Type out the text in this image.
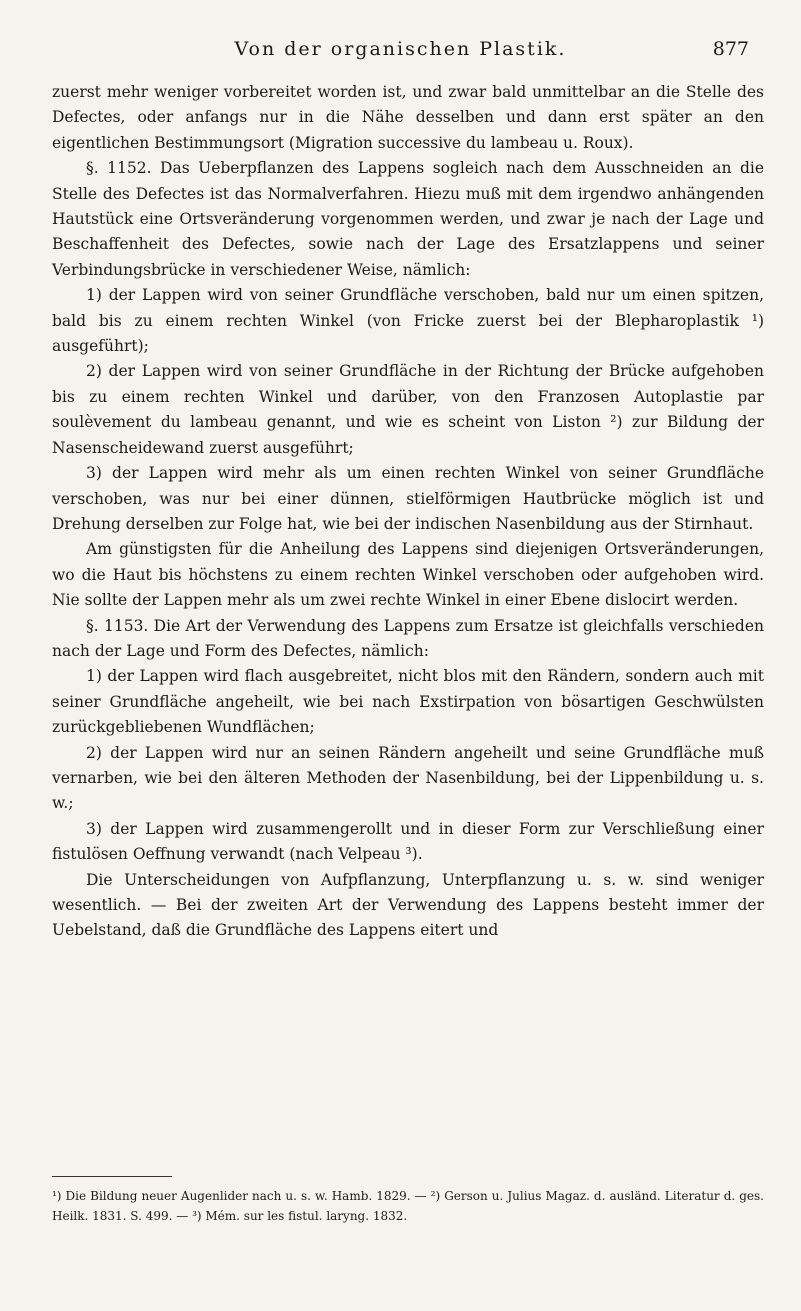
Von der organischen Plastik.	877

zuerst mehr weniger vorbereitet worden ist, und zwar bald unmittelbar an die Stelle des Defectes, oder anfangs nur in die Nähe desselben und dann erst später an den eigentlichen Bestimmungsort (Migration successive du lambeau u. Roux).

§. 1152. Das Ueberpflanzen des Lappens sogleich nach dem Ausschneiden an die Stelle des Defectes ist das Normalverfahren. Hiezu muß mit dem irgendwo anhängenden Hautstück eine Ortsveränderung vorgenommen werden, und zwar je nach der Lage und Beschaffenheit des Defectes, sowie nach der Lage des Ersatzlappens und seiner Verbindungsbrücke in verschiedener Weise, nämlich:

1) der Lappen wird von seiner Grundfläche verschoben, bald nur um einen spitzen, bald bis zu einem rechten Winkel (von Fricke zuerst bei der Blepharoplastik ¹) ausgeführt);

2) der Lappen wird von seiner Grundfläche in der Richtung der Brücke aufgehoben bis zu einem rechten Winkel und darüber, von den Franzosen Autoplastie par soulèvement du lambeau genannt, und wie es scheint von Liston ²) zur Bildung der Nasenscheidewand zuerst ausgeführt;

3) der Lappen wird mehr als um einen rechten Winkel von seiner Grundfläche verschoben, was nur bei einer dünnen, stielförmigen Hautbrücke möglich ist und Drehung derselben zur Folge hat, wie bei der indischen Nasenbildung aus der Stirnhaut.

Am günstigsten für die Anheilung des Lappens sind diejenigen Ortsveränderungen, wo die Haut bis höchstens zu einem rechten Winkel verschoben oder aufgehoben wird. Nie sollte der Lappen mehr als um zwei rechte Winkel in einer Ebene dislocirt werden.

§. 1153. Die Art der Verwendung des Lappens zum Ersatze ist gleichfalls verschieden nach der Lage und Form des Defectes, nämlich:

1) der Lappen wird flach ausgebreitet, nicht blos mit den Rändern, sondern auch mit seiner Grundfläche angeheilt, wie bei nach Exstirpation von bösartigen Geschwülsten zurückgebliebenen Wundflächen;

2) der Lappen wird nur an seinen Rändern angeheilt und seine Grundfläche muß vernarben, wie bei den älteren Methoden der Nasenbildung, bei der Lippenbildung u. s. w.;

3) der Lappen wird zusammengerollt und in dieser Form zur Verschließung einer fistulösen Oeffnung verwandt (nach Velpeau ³).

Die Unterscheidungen von Aufpflanzung, Unterpflanzung u. s. w. sind weniger wesentlich. — Bei der zweiten Art der Verwendung des Lappens besteht immer der Uebelstand, daß die Grundfläche des Lappens eitert und

¹) Die Bildung neuer Augenlider nach u. s. w. Hamb. 1829. — ²) Gerson u. Julius Magaz. d. ausländ. Literatur d. ges. Heilk. 1831. S. 499. — ³) Mém. sur les fistul. laryng. 1832.
